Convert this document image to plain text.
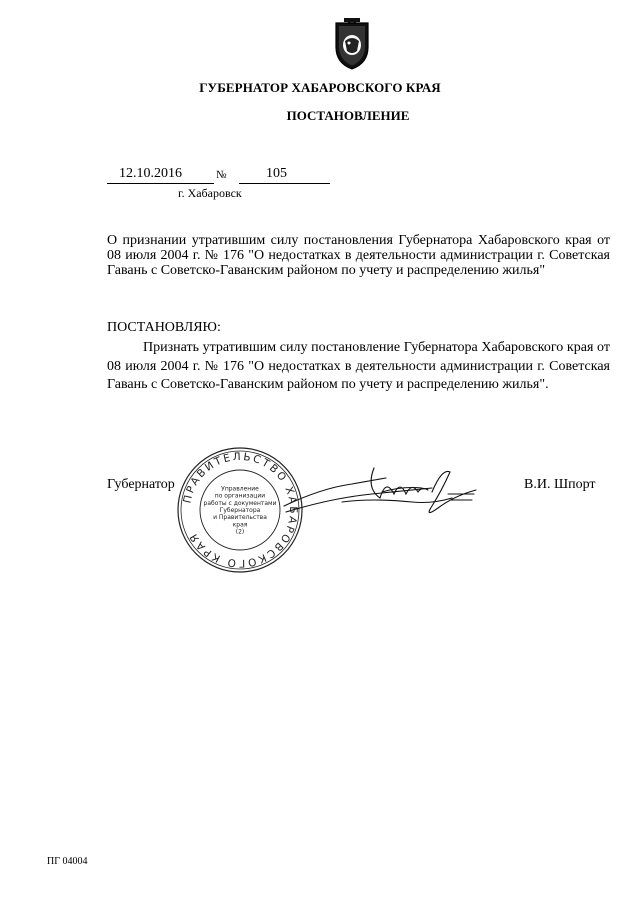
ГУБЕРНАТОР ХАБАРОВСКОГО КРАЯ
ПОСТАНОВЛЕНИЕ
12.10.2016	№	105
г. Хабаровск
О признании утратившим силу постановления Губернатора Хабаровского края от 08 июля 2004 г. № 176 "О недостатках в деятельности администрации г. Советская Гавань с Советско-Гаванским районом по учету и распределению жилья"
ПОСТАНОВЛЯЮ:
Признать утратившим силу постановление Губернатора Хабаровского края от 08 июля 2004 г. № 176 "О недостатках в деятельности администрации г. Советская Гавань с Советско-Гаванским районом по учету и распределению жилья".
Губернатор	В.И. Шпорт
ПРАВИТЕЛЬСТВО ХАБАРОВСКОГО КРАЯ
Управление
по организации
работы с документами
Губернатора
и Правительства
края
(2)
ПГ 04004
